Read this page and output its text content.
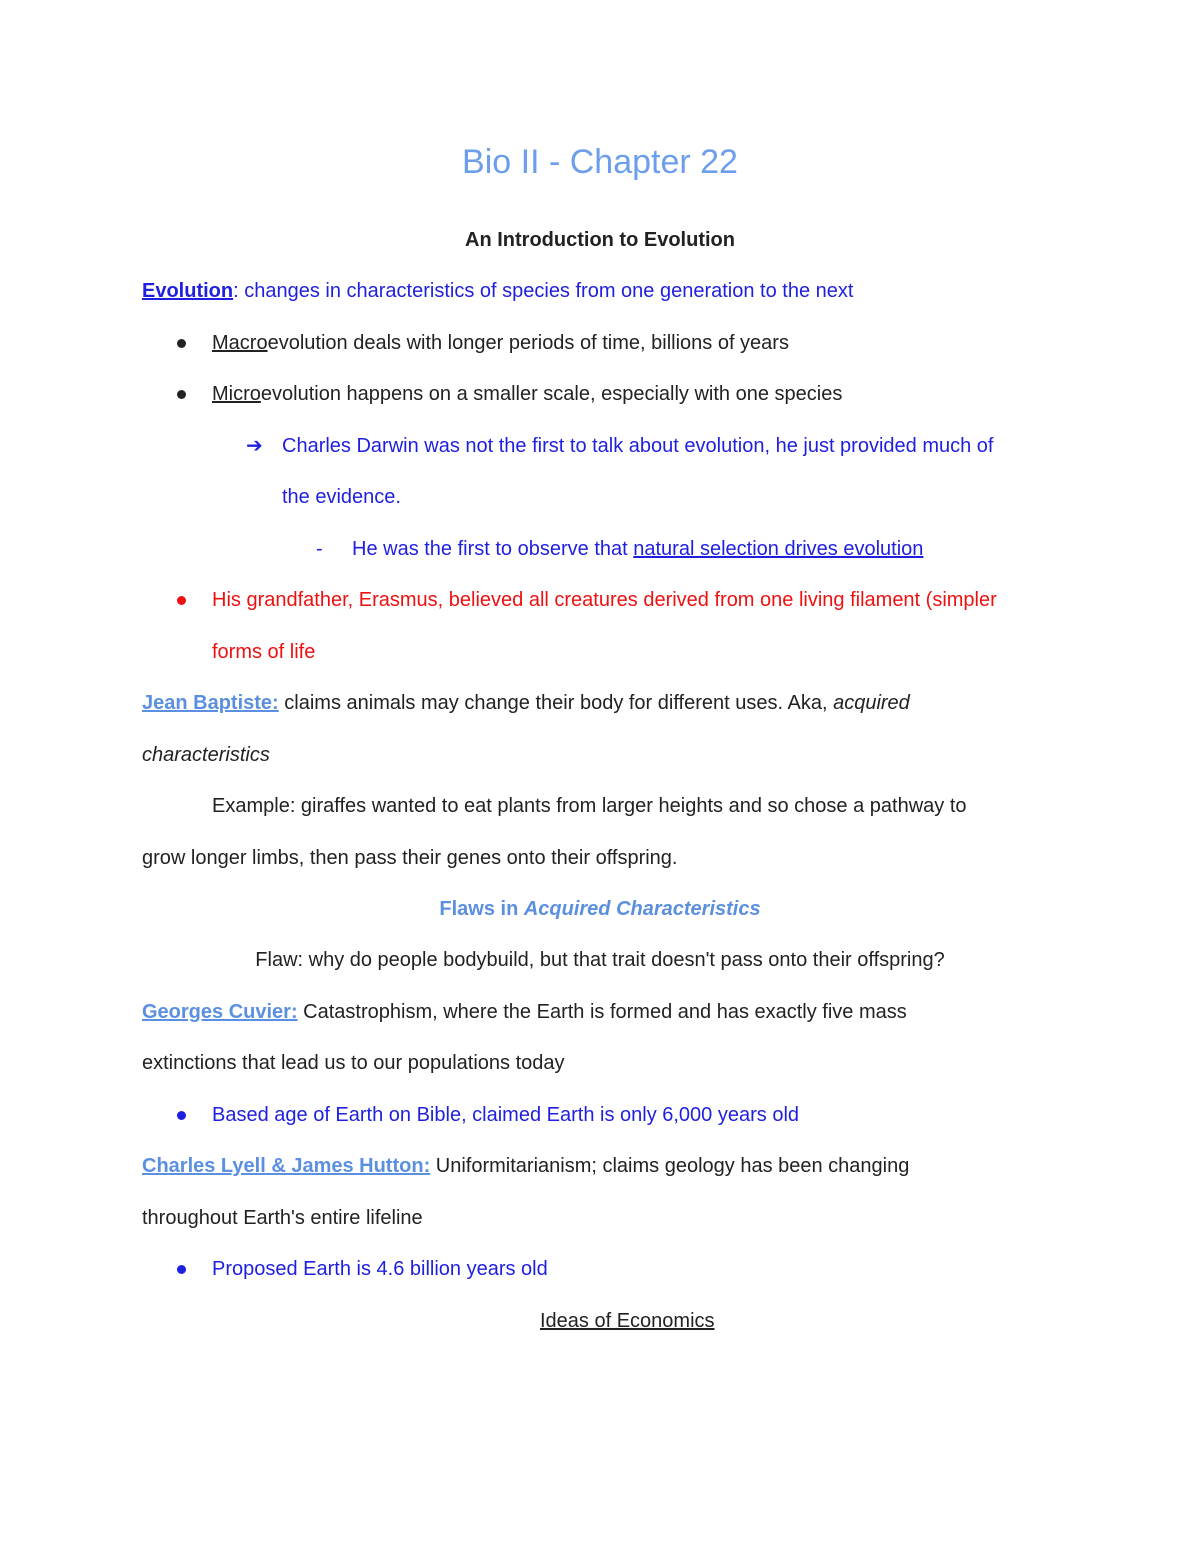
Bio II - Chapter 22
An Introduction to Evolution
Evolution: changes in characteristics of species from one generation to the next
Macroevolution deals with longer periods of time, billions of years
Microevolution happens on a smaller scale, especially with one species
➔ Charles Darwin was not the first to talk about evolution, he just provided much of
the evidence.
- He was the first to observe that natural selection drives evolution
His grandfather, Erasmus, believed all creatures derived from one living filament (simpler
forms of life
Jean Baptiste: claims animals may change their body for different uses. Aka, acquired
characteristics
Example: giraffes wanted to eat plants from larger heights and so chose a pathway to
grow longer limbs, then pass their genes onto their offspring.
Flaws in Acquired Characteristics
Flaw: why do people bodybuild, but that trait doesn't pass onto their offspring?
Georges Cuvier: Catastrophism, where the Earth is formed and has exactly five mass
extinctions that lead us to our populations today
Based age of Earth on Bible, claimed Earth is only 6,000 years old
Charles Lyell & James Hutton: Uniformitarianism; claims geology has been changing
throughout Earth's entire lifeline
Proposed Earth is 4.6 billion years old
Ideas of Economics
